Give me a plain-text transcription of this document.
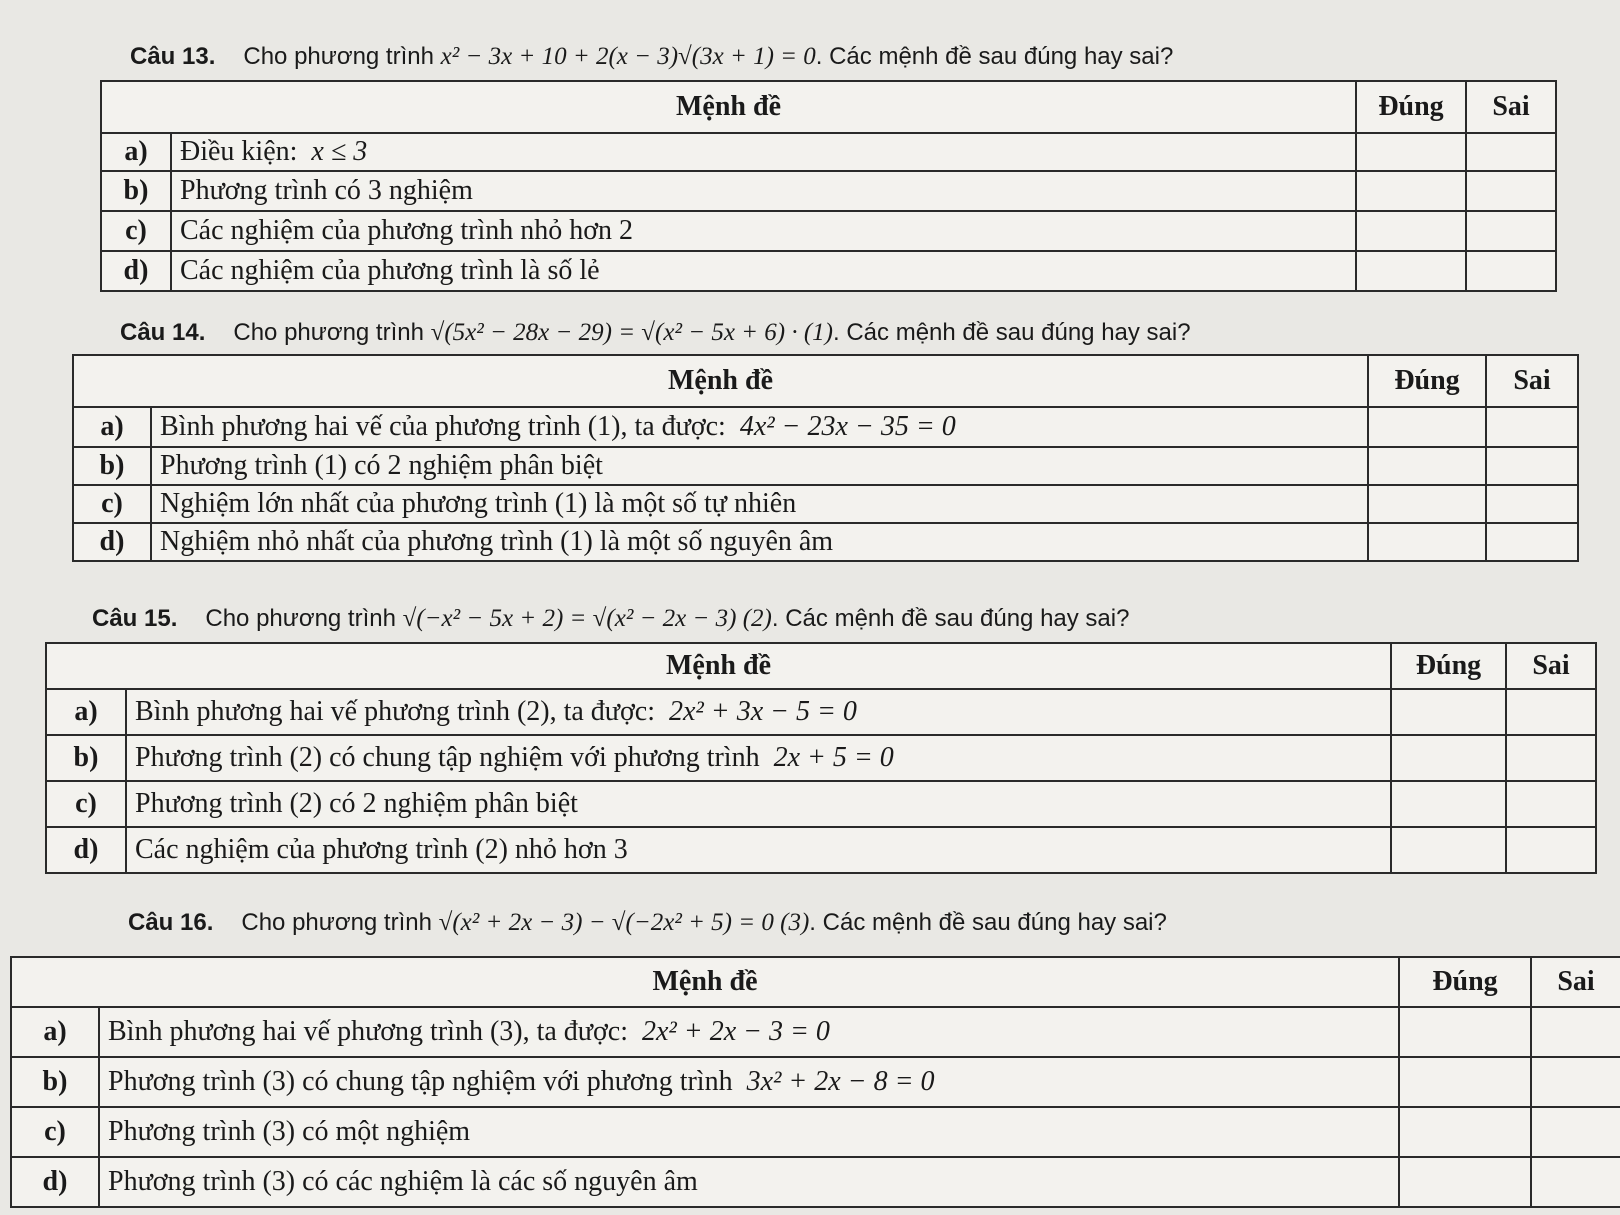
Câu 13. Cho phương trình x² − 3x + 10 + 2(x − 3)√(3x + 1) = 0. Các mệnh đề sau đúng hay sai?
Mệnh đề		Đúng	Sai
a)	Điều kiện: x ≤ 3		
b)	Phương trình có 3 nghiệm		
c)	Các nghiệm của phương trình nhỏ hơn 2		
d)	Các nghiệm của phương trình là số lẻ		
Câu 14. Cho phương trình √(5x² − 28x − 29) = √(x² − 5x + 6) · (1). Các mệnh đề sau đúng hay sai?
Mệnh đề		Đúng	Sai
a)	Bình phương hai vế của phương trình (1), ta được: 4x² − 23x − 35 = 0		
b)	Phương trình (1) có 2 nghiệm phân biệt		
c)	Nghiệm lớn nhất của phương trình (1) là một số tự nhiên		
d)	Nghiệm nhỏ nhất của phương trình (1) là một số nguyên âm		
Câu 15. Cho phương trình √(−x² − 5x + 2) = √(x² − 2x − 3) (2). Các mệnh đề sau đúng hay sai?
Mệnh đề		Đúng	Sai
a)	Bình phương hai vế phương trình (2), ta được: 2x² + 3x − 5 = 0		
b)	Phương trình (2) có chung tập nghiệm với phương trình 2x + 5 = 0		
c)	Phương trình (2) có 2 nghiệm phân biệt		
d)	Các nghiệm của phương trình (2) nhỏ hơn 3		
Câu 16. Cho phương trình √(x² + 2x − 3) − √(−2x² + 5) = 0 (3). Các mệnh đề sau đúng hay sai?
Mệnh đề		Đúng	Sai
a)	Bình phương hai vế phương trình (3), ta được: 2x² + 2x − 3 = 0		
b)	Phương trình (3) có chung tập nghiệm với phương trình 3x² + 2x − 8 = 0		
c)	Phương trình (3) có một nghiệm		
d)	Phương trình (3) có các nghiệm là các số nguyên âm		
